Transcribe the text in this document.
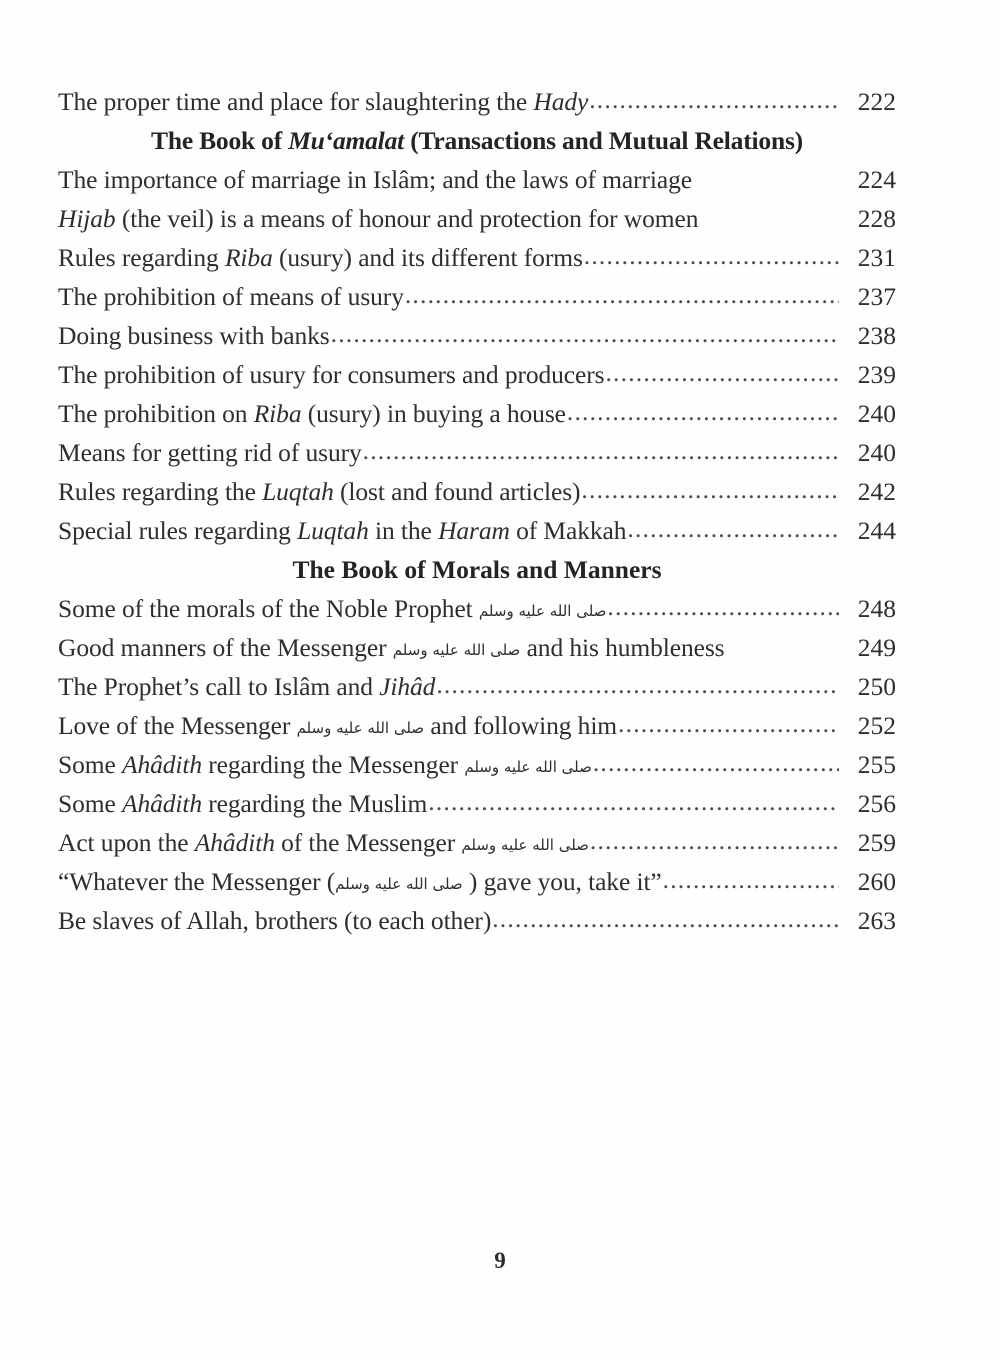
The proper time and place for slaughtering the Hady .....	222
The Book of Mu‘amalat (Transactions and Mutual Relations)
The importance of marriage in Islâm; and the laws of marriage	224
Hijab (the veil) is a means of honour and protection for women	228
Rules regarding Riba (usury) and its different forms .....	231
The prohibition of means of usury .....	237
Doing business with banks .....	238
The prohibition of usury for consumers and producers .....	239
The prohibition on Riba (usury) in buying a house .....	240
Means for getting rid of usury .....	240
Rules regarding the Luqtah (lost and found articles) .....	242
Special rules regarding Luqtah in the Haram of Makkah .....	244
The Book of Morals and Manners
Some of the morals of the Noble Prophet صلى الله عليه وسلم .....	248
Good manners of the Messenger صلى الله عليه وسلم and his humbleness	249
The Prophet’s call to Islâm and Jihâd .....	250
Love of the Messenger صلى الله عليه وسلم and following him .....	252
Some Ahâdith regarding the Messenger صلى الله عليه وسلم .....	255
Some Ahâdith regarding the Muslim .....	256
Act upon the Ahâdith of the Messenger صلى الله عليه وسلم .....	259
“Whatever the Messenger (صلى الله عليه وسلم ) gave you, take it” .....	260
Be slaves of Allah, brothers (to each other) .....	263
9
